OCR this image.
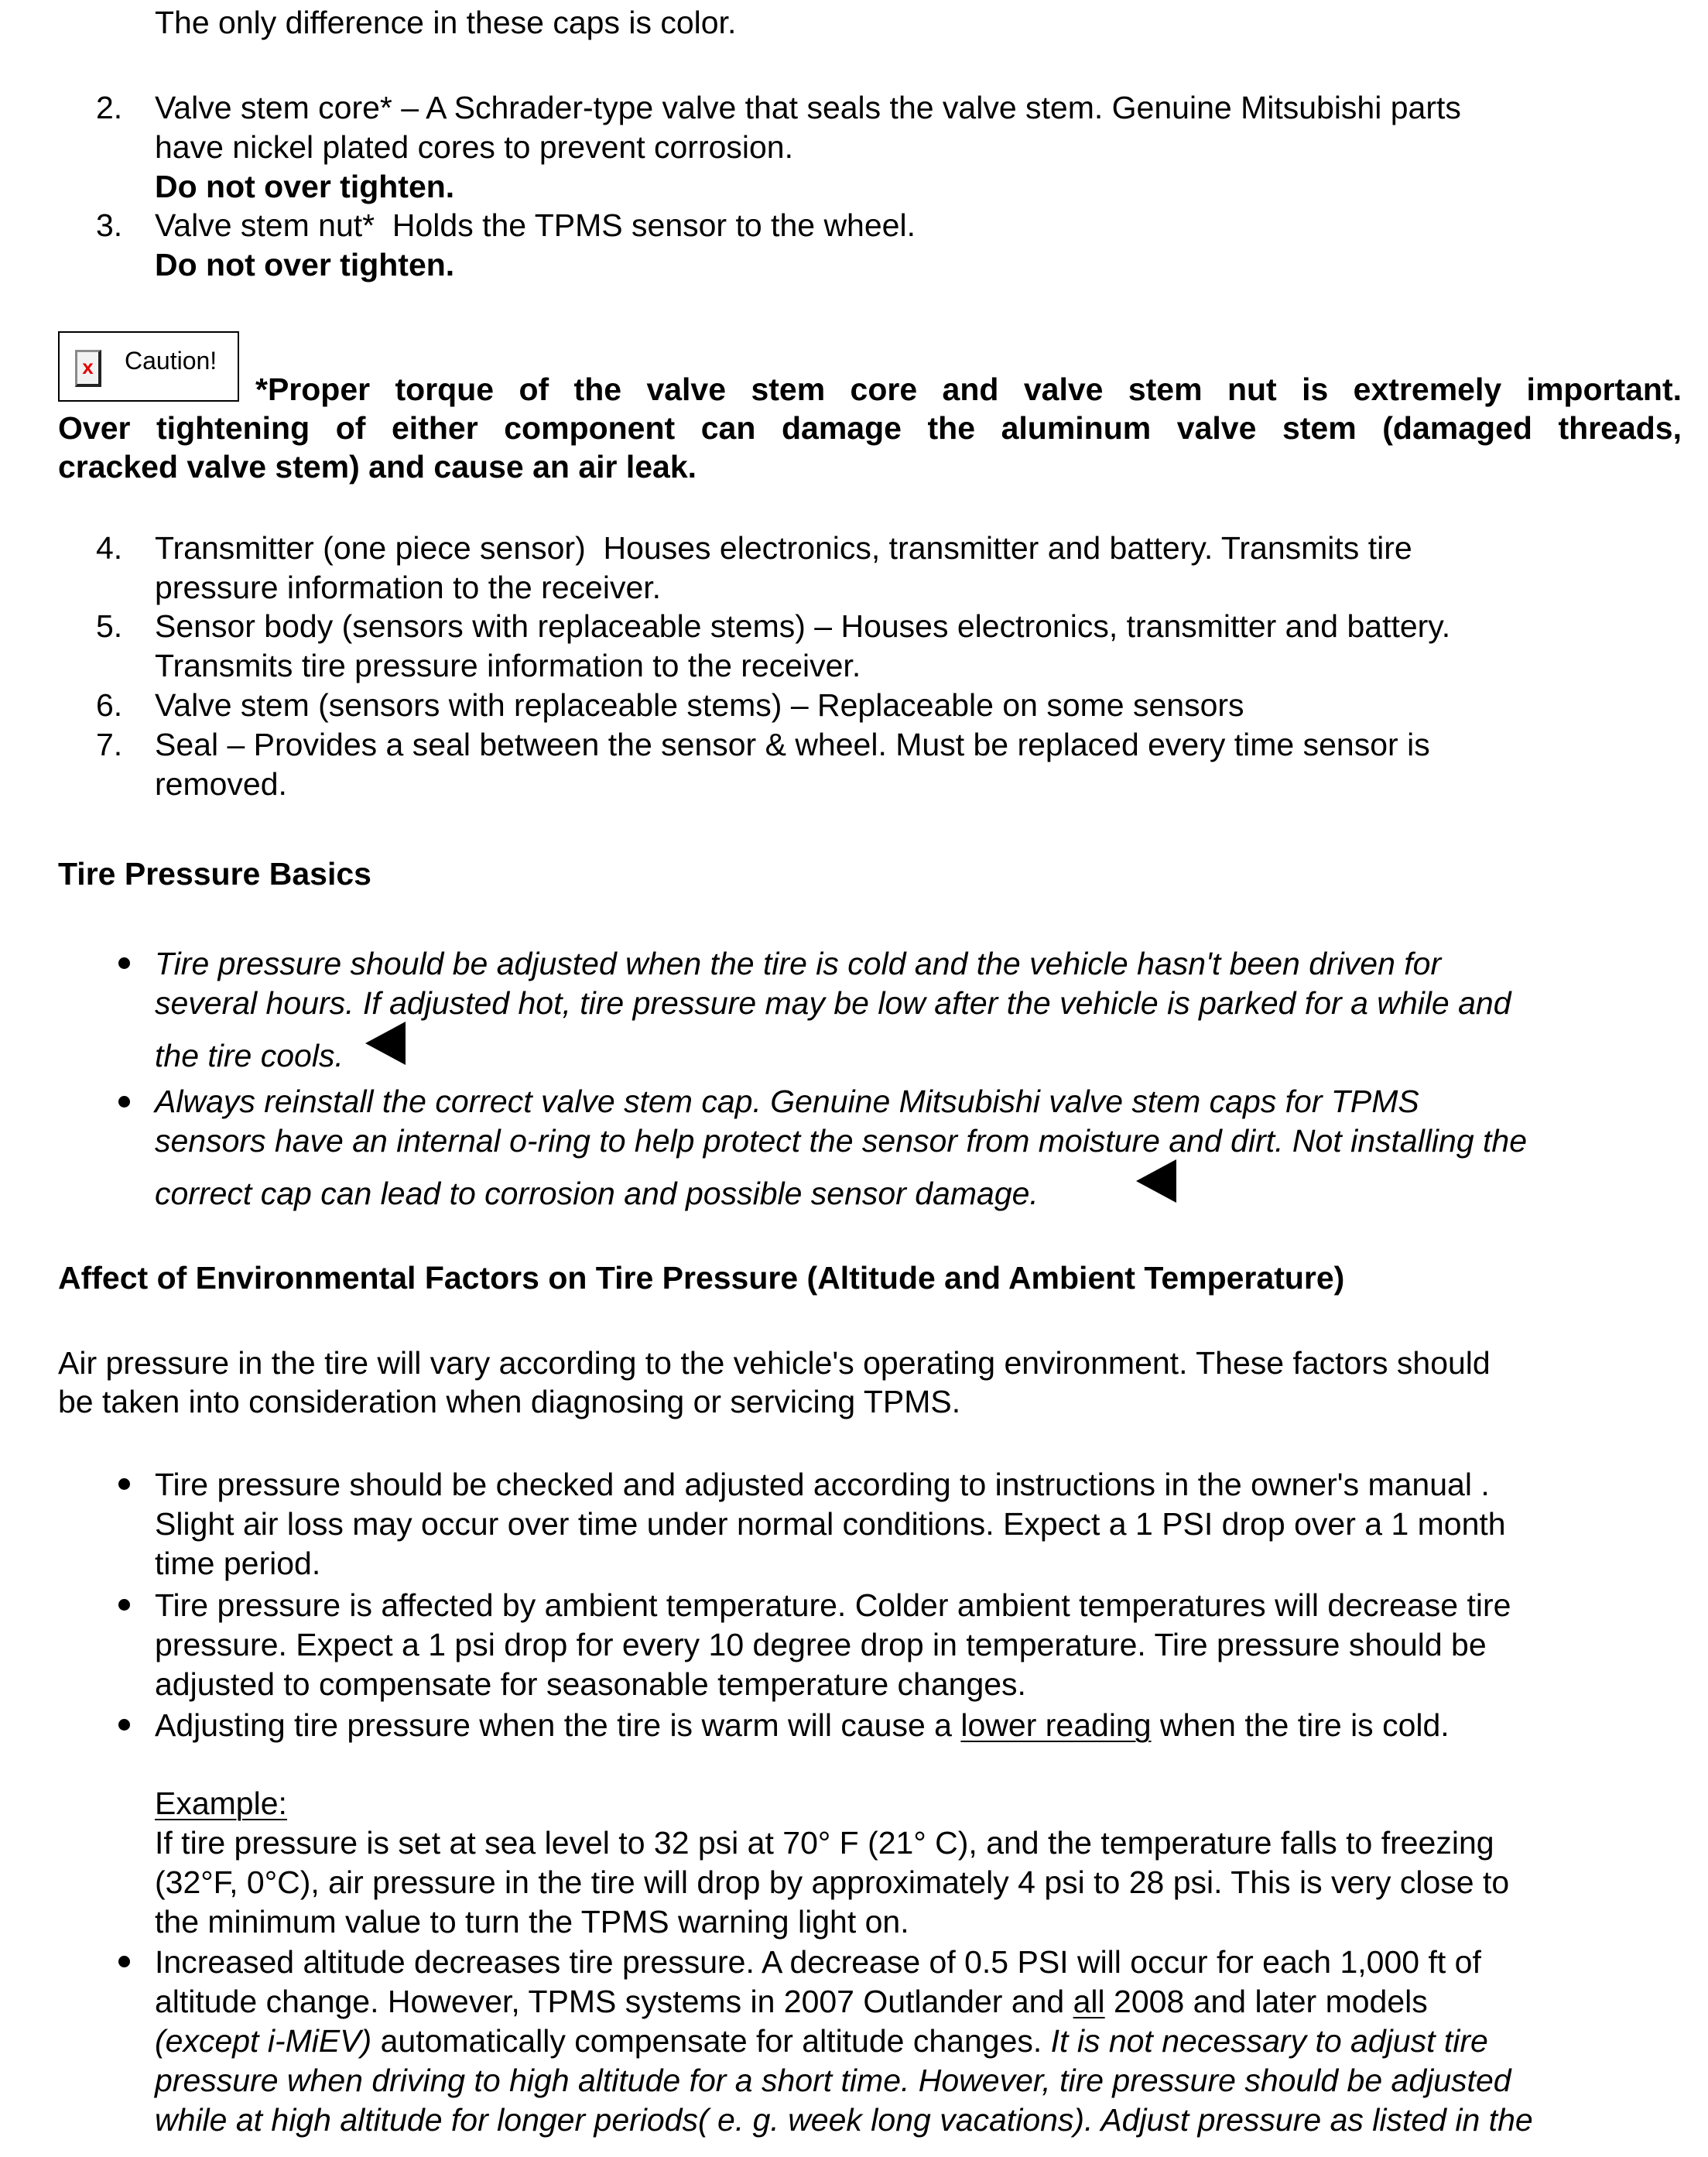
The only difference in these caps is color.
2. Valve stem core* – A Schrader-type valve that seals the valve stem. Genuine Mitsubishi parts
have nickel plated cores to prevent corrosion.
Do not over tighten.
3. Valve stem nut*  Holds the TPMS sensor to the wheel.
Do not over tighten.
x	Caution!
*Proper torque of the valve stem core and valve stem nut is extremely important.
Over tightening of either component can damage the aluminum valve stem (damaged threads,
cracked valve stem) and cause an air leak.
4. Transmitter (one piece sensor)  Houses electronics, transmitter and battery. Transmits tire
pressure information to the receiver.
5. Sensor body (sensors with replaceable stems) – Houses electronics, transmitter and battery.
Transmits tire pressure information to the receiver.
6. Valve stem (sensors with replaceable stems) – Replaceable on some sensors
7. Seal – Provides a seal between the sensor & wheel. Must be replaced every time sensor is
removed.
Tire Pressure Basics
Tire pressure should be adjusted when the tire is cold and the vehicle hasn't been driven for
several hours. If adjusted hot, tire pressure may be low after the vehicle is parked for a while and
the tire cools.
Always reinstall the correct valve stem cap. Genuine Mitsubishi valve stem caps for TPMS
sensors have an internal o-ring to help protect the sensor from moisture and dirt. Not installing the
correct cap can lead to corrosion and possible sensor damage.
Affect of Environmental Factors on Tire Pressure (Altitude and Ambient Temperature)
Air pressure in the tire will vary according to the vehicle's operating environment. These factors should
be taken into consideration when diagnosing or servicing TPMS.
Tire pressure should be checked and adjusted according to instructions in the owner's manual .
Slight air loss may occur over time under normal conditions. Expect a 1 PSI drop over a 1 month
time period.
Tire pressure is affected by ambient temperature. Colder ambient temperatures will decrease tire
pressure. Expect a 1 psi drop for every 10 degree drop in temperature. Tire pressure should be
adjusted to compensate for seasonable temperature changes.
Adjusting tire pressure when the tire is warm will cause a lower reading when the tire is cold.
Example:
If tire pressure is set at sea level to 32 psi at 70° F (21° C), and the temperature falls to freezing
(32°F, 0°C), air pressure in the tire will drop by approximately 4 psi to 28 psi. This is very close to
the minimum value to turn the TPMS warning light on.
Increased altitude decreases tire pressure. A decrease of 0.5 PSI will occur for each 1,000 ft of
altitude change. However, TPMS systems in 2007 Outlander and all 2008 and later models
(except i-MiEV) automatically compensate for altitude changes. It is not necessary to adjust tire
pressure when driving to high altitude for a short time. However, tire pressure should be adjusted
while at high altitude for longer periods( e. g. week long vacations). Adjust pressure as listed in the
